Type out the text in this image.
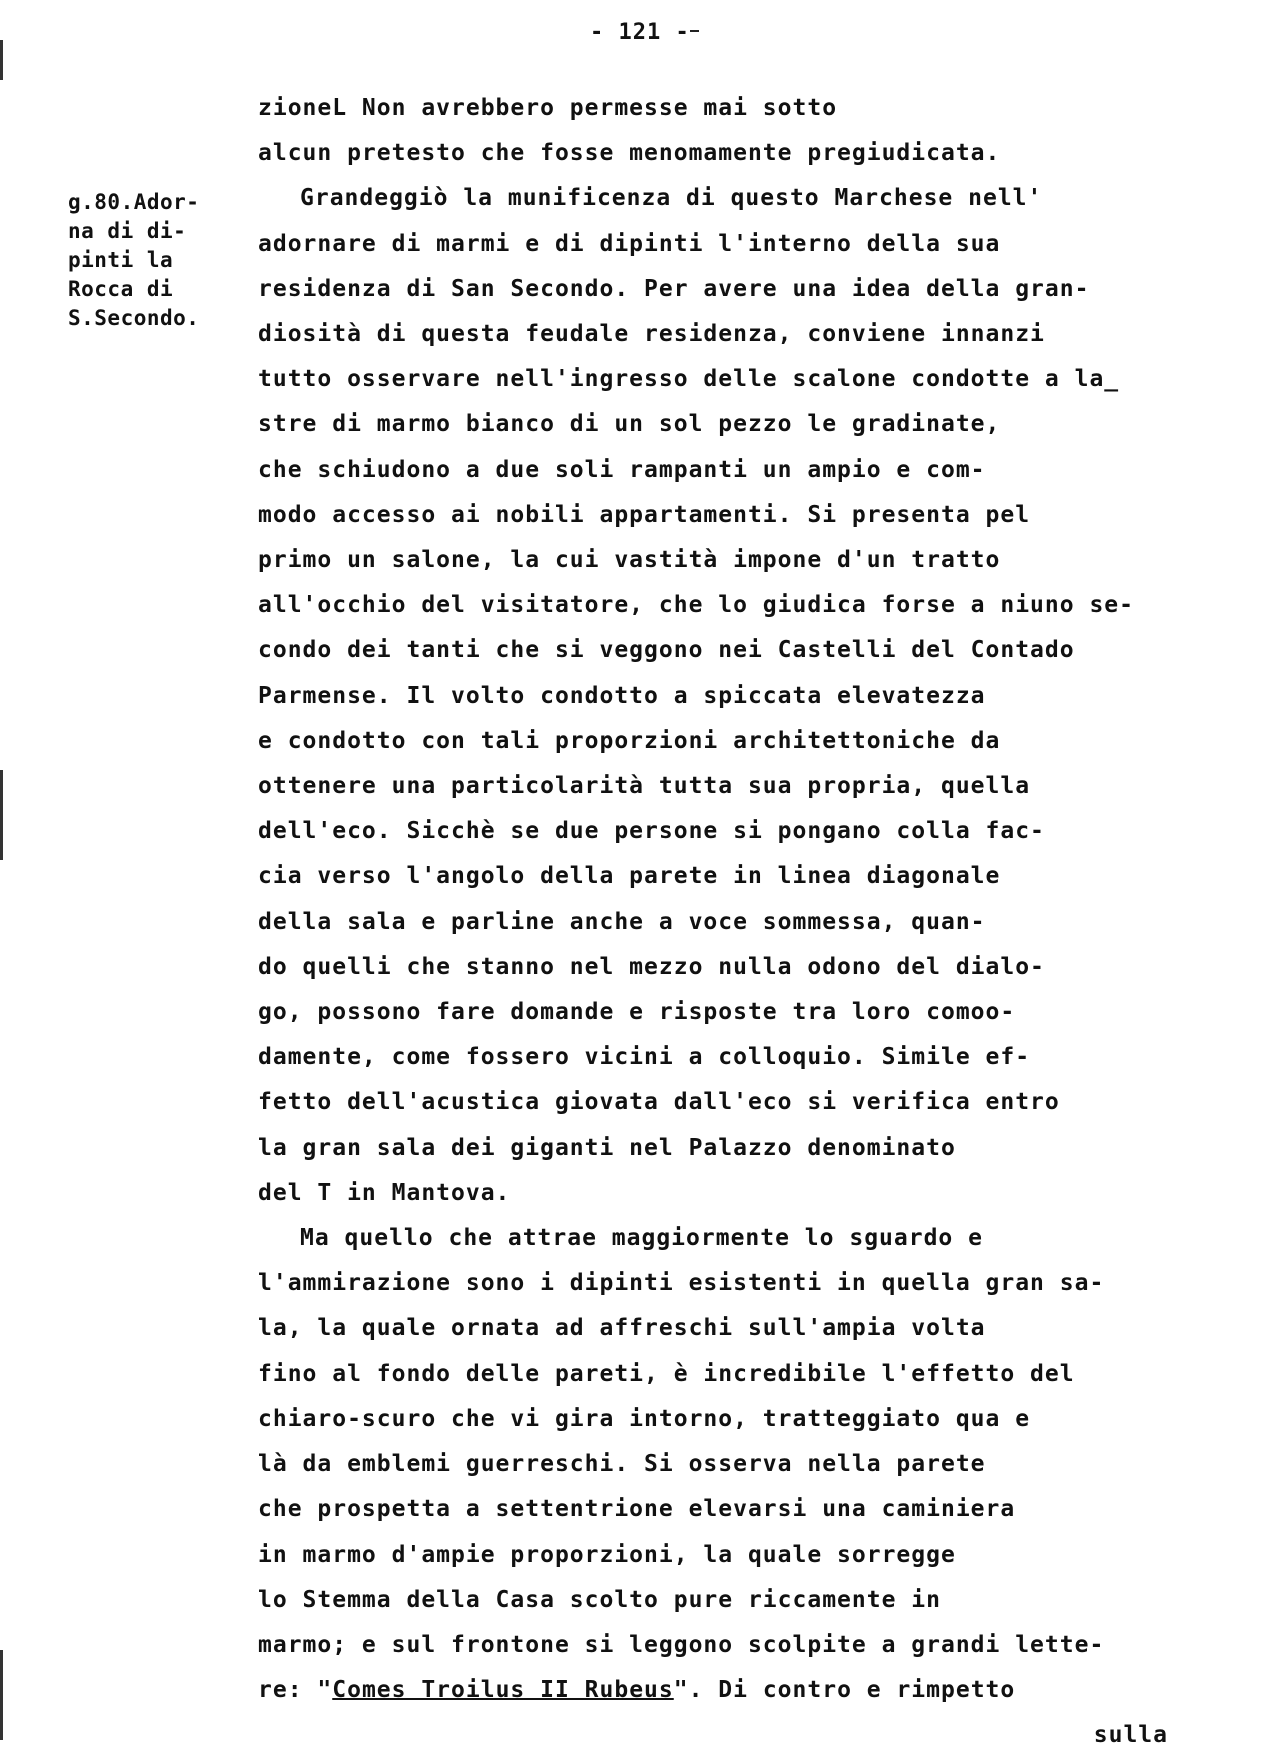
- 121 -
g.80.Ador-
na di di-
pinti la
Rocca di
S.Secondo.
zioneL Non avrebbero permesse mai sotto
alcun pretesto che fosse menomamente pregiudicata.
Grandeggiò la munificenza di questo Marchese nell'
adornare di marmi e di dipinti l'interno della sua
residenza di San Secondo. Per avere una idea della gran-
diosità di questa feudale residenza, conviene innanzi
tutto osservare nell'ingresso delle scalone condotte a la_
stre di marmo bianco di un sol pezzo le gradinate,
che schiudono a due soli rampanti un ampio e com-
modo accesso ai nobili appartamenti. Si presenta pel
primo un salone, la cui vastità impone d'un tratto
all'occhio del visitatore, che lo giudica forse a niuno se-
condo dei tanti che si veggono nei Castelli del Contado
Parmense. Il volto condotto a spiccata elevatezza
e condotto con tali proporzioni architettoniche da
ottenere una particolarità tutta sua propria, quella
dell'eco. Sicchè se due persone si pongano colla fac-
cia verso l'angolo della parete in linea diagonale
della sala e parline anche a voce sommessa, quan-
do quelli che stanno nel mezzo nulla odono del dialo-
go, possono fare domande e risposte tra loro comoo-
damente, come fossero vicini a colloquio. Simile ef-
fetto dell'acustica giovata dall'eco si verifica entro
la gran sala dei giganti nel Palazzo denominato
del T in Mantova.
Ma quello che attrae maggiormente lo sguardo e
l'ammirazione sono i dipinti esistenti in quella gran sa-
la, la quale ornata ad affreschi sull'ampia volta
fino al fondo delle pareti, è incredibile l'effetto del
chiaro-scuro che vi gira intorno, tratteggiato qua e
là da emblemi guerreschi. Si osserva nella parete
che prospetta a settentrione elevarsi una caminiera
in marmo d'ampie proporzioni, la quale sorregge
lo Stemma della Casa scolto pure riccamente in
marmo; e sul frontone si leggono scolpite a grandi lette-
re: "Comes Troilus II Rubeus". Di contro e rimpetto
sulla
